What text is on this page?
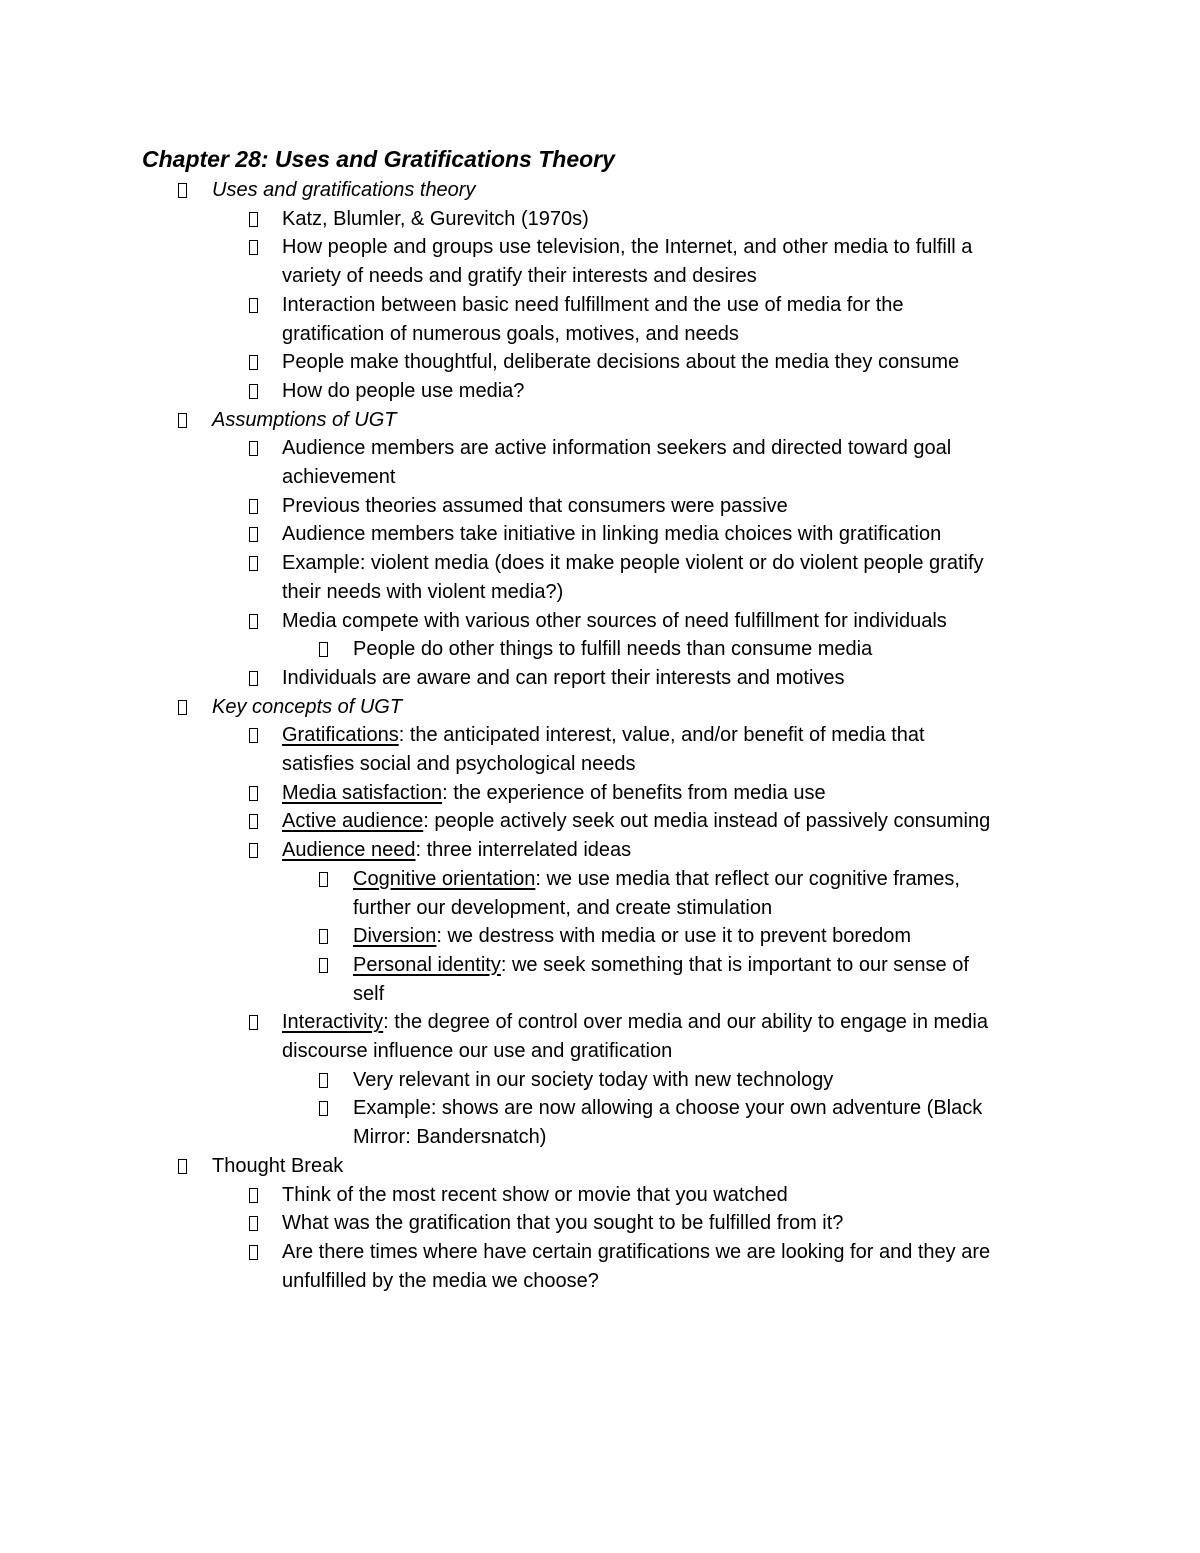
Chapter 28: Uses and Gratifications Theory
Uses and gratifications theory
Katz, Blumler, & Gurevitch (1970s)
How people and groups use television, the Internet, and other media to fulfill a
variety of needs and gratify their interests and desires
Interaction between basic need fulfillment and the use of media for the
gratification of numerous goals, motives, and needs
People make thoughtful, deliberate decisions about the media they consume
How do people use media?
Assumptions of UGT
Audience members are active information seekers and directed toward goal
achievement
Previous theories assumed that consumers were passive
Audience members take initiative in linking media choices with gratification
Example: violent media (does it make people violent or do violent people gratify
their needs with violent media?)
Media compete with various other sources of need fulfillment for individuals
People do other things to fulfill needs than consume media
Individuals are aware and can report their interests and motives
Key concepts of UGT
Gratifications: the anticipated interest, value, and/or benefit of media that
satisfies social and psychological needs
Media satisfaction: the experience of benefits from media use
Active audience: people actively seek out media instead of passively consuming
Audience need: three interrelated ideas
Cognitive orientation: we use media that reflect our cognitive frames,
further our development, and create stimulation
Diversion: we destress with media or use it to prevent boredom
Personal identity: we seek something that is important to our sense of
self
Interactivity: the degree of control over media and our ability to engage in media
discourse influence our use and gratification
Very relevant in our society today with new technology
Example: shows are now allowing a choose your own adventure (Black
Mirror: Bandersnatch)
Thought Break
Think of the most recent show or movie that you watched
What was the gratification that you sought to be fulfilled from it?
Are there times where have certain gratifications we are looking for and they are
unfulfilled by the media we choose?
